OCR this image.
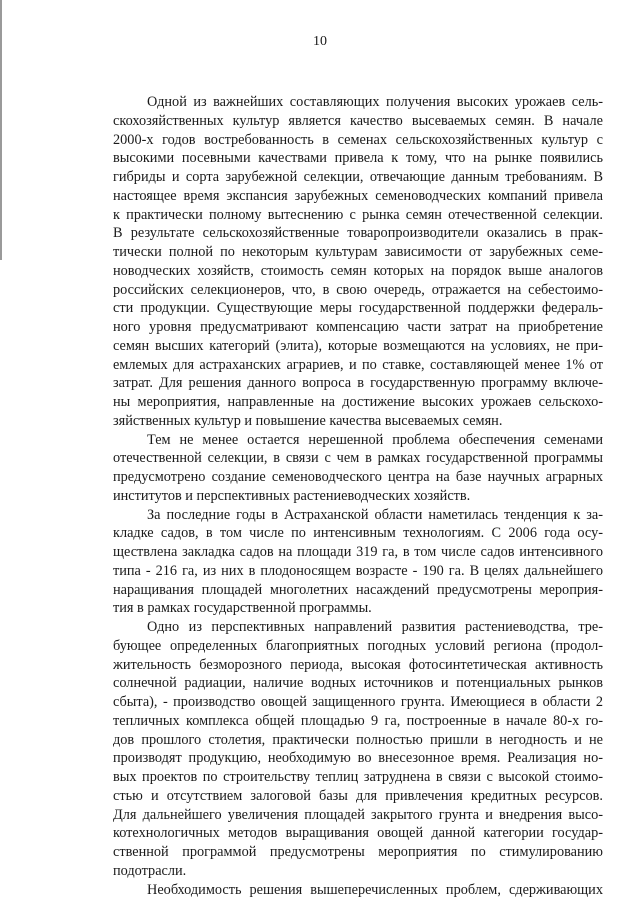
10
Одной из важнейших составляющих получения высоких урожаев сель-
скохозяйственных культур является качество высеваемых семян. В начале
2000-х годов востребованность в семенах сельскохозяйственных культур с
высокими посевными качествами привела к тому, что на рынке появились
гибриды и сорта зарубежной селекции, отвечающие данным требованиям. В
настоящее время экспансия зарубежных семеноводческих компаний привела
к практически полному вытеснению с рынка семян отечественной селекции.
В результате сельскохозяйственные товаропроизводители оказались в прак-
тически полной по некоторым культурам зависимости от зарубежных семе-
новодческих хозяйств, стоимость семян которых на порядок выше аналогов
российских селекционеров, что, в свою очередь, отражается на себестоимо-
сти продукции. Существующие меры государственной поддержки федераль-
ного уровня предусматривают компенсацию части затрат на приобретение
семян высших категорий (элита), которые возмещаются на условиях, не при-
емлемых для астраханских аграриев, и по ставке, составляющей менее 1% от
затрат. Для решения данного вопроса в государственную программу включе-
ны мероприятия, направленные на достижение высоких урожаев сельскохо-
зяйственных культур и повышение качества высеваемых семян.
Тем не менее остается нерешенной проблема обеспечения семенами
отечественной селекции, в связи с чем в рамках государственной программы
предусмотрено создание семеноводческого центра на базе научных аграрных
институтов и перспективных растениеводческих хозяйств.
За последние годы в Астраханской области наметилась тенденция к за-
кладке садов, в том числе по интенсивным технологиям. С 2006 года осу-
ществлена закладка садов на площади 319 га, в том числе садов интенсивного
типа - 216 га, из них в плодоносящем возрасте - 190 га. В целях дальнейшего
наращивания площадей многолетних насаждений предусмотрены мероприя-
тия в рамках государственной программы.
Одно из перспективных направлений развития растениеводства, тре-
бующее определенных благоприятных погодных условий региона (продол-
жительность безморозного периода, высокая фотосинтетическая активность
солнечной радиации, наличие водных источников и потенциальных рынков
сбыта), - производство овощей защищенного грунта. Имеющиеся в области 2
тепличных комплекса общей площадью 9 га, построенные в начале 80-х го-
дов прошлого столетия, практически полностью пришли в негодность и не
производят продукцию, необходимую во внесезонное время. Реализация но-
вых проектов по строительству теплиц затруднена в связи с высокой стоимо-
стью и отсутствием залоговой базы для привлечения кредитных ресурсов.
Для дальнейшего увеличения площадей закрытого грунта и внедрения высо-
котехнологичных методов выращивания овощей данной категории государ-
ственной программой предусмотрены мероприятия по стимулированию
подотрасли.
Необходимость решения вышеперечисленных проблем, сдерживающих
